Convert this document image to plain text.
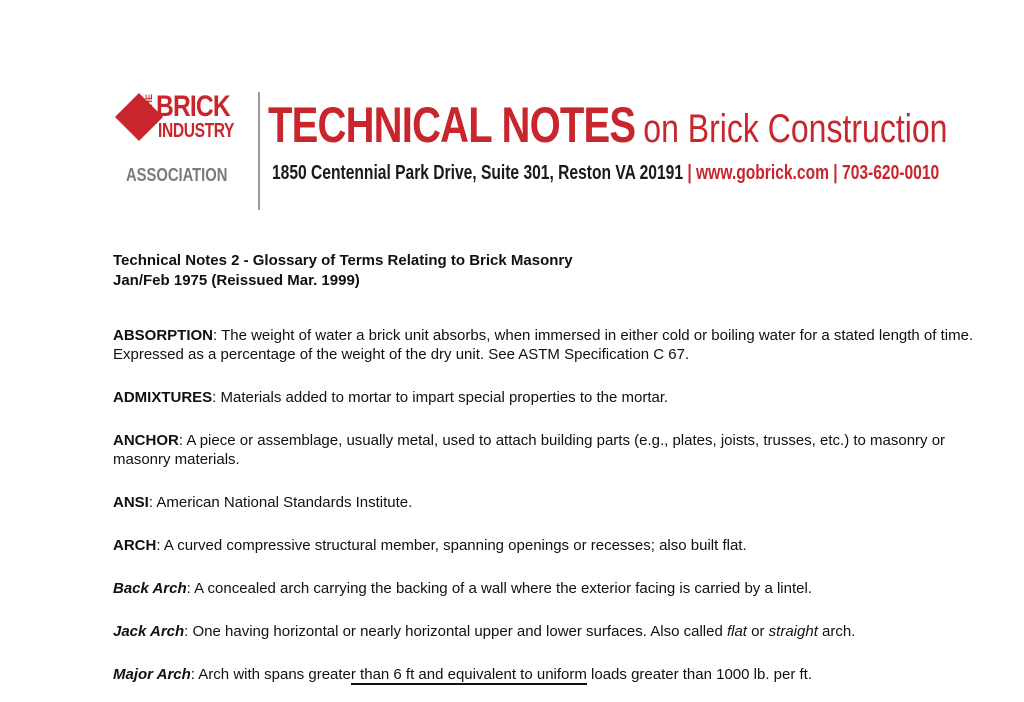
THE BRICK
INDUSTRY
ASSOCIATION
TECHNICAL NOTES on Brick Construction
1850 Centennial Park Drive, Suite 301, Reston VA 20191 | www.gobrick.com | 703-620-0010
Technical Notes 2 - Glossary of Terms Relating to Brick Masonry
Jan/Feb 1975 (Reissued Mar. 1999)

ABSORPTION: The weight of water a brick unit absorbs, when immersed in either cold or boiling water for a stated length of time. Expressed as a percentage of the weight of the dry unit. See ASTM Specification C 67.

ADMIXTURES: Materials added to mortar to impart special properties to the mortar.

ANCHOR: A piece or assemblage, usually metal, used to attach building parts (e.g., plates, joists, trusses, etc.) to masonry or masonry materials.

ANSI: American National Standards Institute.

ARCH: A curved compressive structural member, spanning openings or recesses; also built flat.

Back Arch: A concealed arch carrying the backing of a wall where the exterior facing is carried by a lintel.

Jack Arch: One having horizontal or nearly horizontal upper and lower surfaces. Also called flat or straight arch.

Major Arch: Arch with spans greater than 6 ft and equivalent to uniform loads greater than 1000 lb. per ft.
